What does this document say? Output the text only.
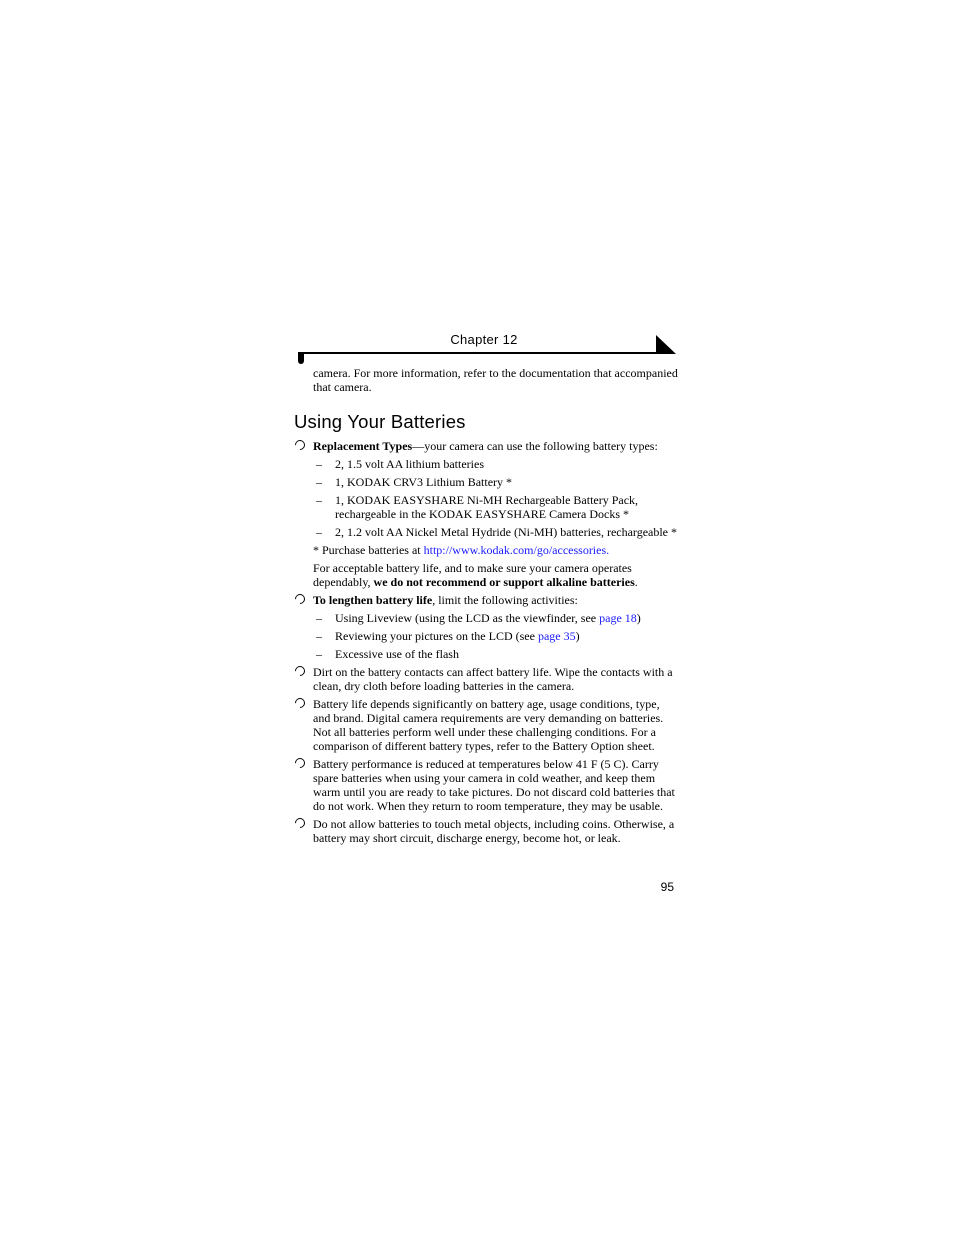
Chapter 12

camera. For more information, refer to the documentation that accompanied that camera.

Using Your Batteries
Replacement Types—your camera can use the following battery types:
– 2, 1.5 volt AA lithium batteries
– 1, KODAK CRV3 Lithium Battery *
– 1, KODAK EASYSHARE Ni-MH Rechargeable Battery Pack, rechargeable in the KODAK EASYSHARE Camera Docks *
– 2, 1.2 volt AA Nickel Metal Hydride (Ni-MH) batteries, rechargeable *

* Purchase batteries at http://www.kodak.com/go/accessories.

For acceptable battery life, and to make sure your camera operates dependably, we do not recommend or support alkaline batteries.

To lengthen battery life, limit the following activities:
– Using Liveview (using the LCD as the viewfinder, see page 18)
– Reviewing your pictures on the LCD (see page 35)
– Excessive use of the flash
Dirt on the battery contacts can affect battery life. Wipe the contacts with a clean, dry cloth before loading batteries in the camera.
Battery life depends significantly on battery age, usage conditions, type, and brand. Digital camera requirements are very demanding on batteries. Not all batteries perform well under these challenging conditions. For a comparison of different battery types, refer to the Battery Option sheet.
Battery performance is reduced at temperatures below 41 F (5 C). Carry spare batteries when using your camera in cold weather, and keep them warm until you are ready to take pictures. Do not discard cold batteries that do not work. When they return to room temperature, they may be usable.
Do not allow batteries to touch metal objects, including coins. Otherwise, a battery may short circuit, discharge energy, become hot, or leak.
95
